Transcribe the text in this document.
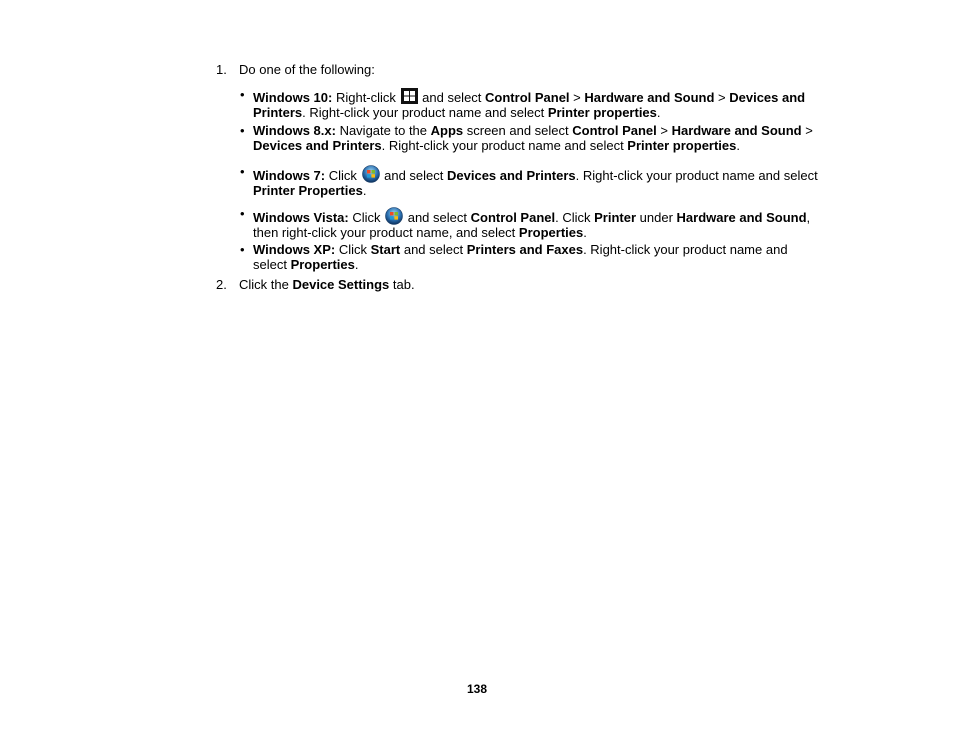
1. Do one of the following:
• Windows 10: Right-click
and select Control Panel > Hardware and Sound > Devices and
Printers. Right-click your product name and select Printer properties.
• Windows 8.x: Navigate to the Apps screen and select Control Panel > Hardware and Sound >
Devices and Printers. Right-click your product name and select Printer properties.
• Windows 7: Click  and select Devices and Printers. Right-click your product name and select
Printer Properties.
• Windows Vista: Click  and select Control Panel. Click Printer under Hardware and Sound,
then right-click your product name, and select Properties.
• Windows XP: Click Start and select Printers and Faxes. Right-click your product name and
select Properties.
2. Click the Device Settings tab.
138
